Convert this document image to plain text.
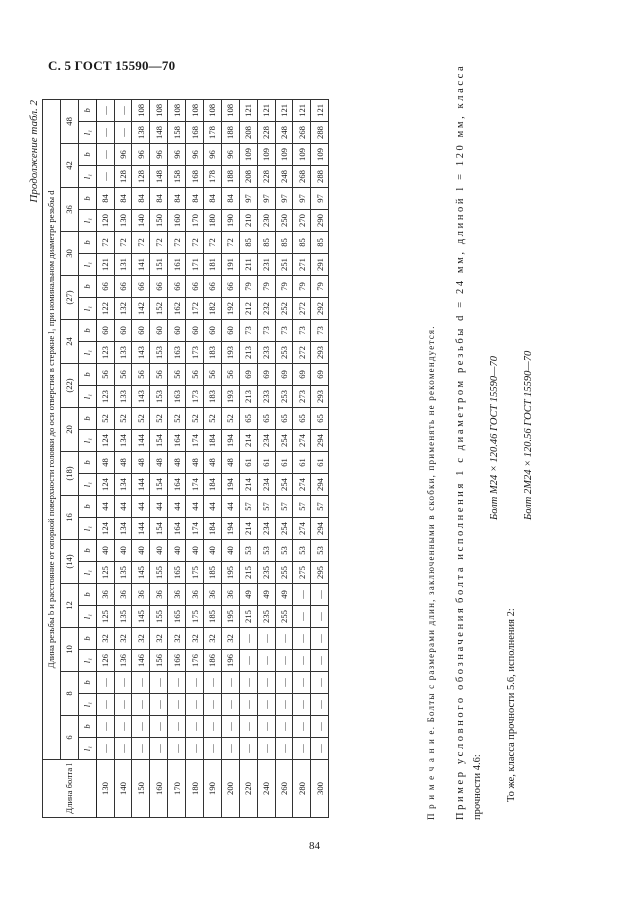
С. 5 ГОСТ 15590—70
Продолжение табл. 2
Длина болта l	Длина резьбы b и расстояние от опорной поверхности головки до оси отверстия в стержне l₁ при номинальном диаметре резьбы d																													
	6		8		10		12		(14)		16		(18)		20		(22)		24		(27)		30		36		42		48	
	l₁	b	l₁	b	l₁	b	l₁	b	l₁	b	l₁	b	l₁	b	l₁	b	l₁	b	l₁	b	l₁	b	l₁	b	l₁	b	l₁	b	l₁	b
130	—	—	—	—	126	32	125	36	125	40	124	44	124	48	124	52	123	56	123	60	122	66	121	72	120	84	—	—	—	—
140	—	—	—	—	136	32	135	36	135	40	134	44	134	48	134	52	133	56	133	60	132	66	131	72	130	84	128	96	—	—
150	—	—	—	—	146	32	145	36	145	40	144	44	144	48	144	52	143	56	143	60	142	66	141	72	140	84	128	96	138	108
160	—	—	—	—	156	32	155	36	155	40	154	44	154	48	154	52	153	56	153	60	152	66	151	72	150	84	148	96	148	108
170	—	—	—	—	166	32	165	36	165	40	164	44	164	48	164	52	163	56	163	60	162	66	161	72	160	84	158	96	158	108
180	—	—	—	—	176	32	175	36	175	40	174	44	174	48	174	52	173	56	173	60	172	66	171	72	170	84	168	96	168	108
190	—	—	—	—	186	32	185	36	185	40	184	44	184	48	184	52	183	56	183	60	182	66	181	72	180	84	178	96	178	108
200	—	—	—	—	196	32	195	36	195	40	194	44	194	48	194	52	193	56	193	60	192	66	191	72	190	84	188	96	188	108
220	—	—	—	—	—	—	215	49	215	53	214	57	214	61	214	65	213	69	213	73	212	79	211	85	210	97	208	109	208	121
240	—	—	—	—	—	—	235	49	235	53	234	57	234	61	234	65	233	69	233	73	232	79	231	85	230	97	228	109	228	121
260	—	—	—	—	—	—	255	49	255	53	254	57	254	61	254	65	253	69	253	73	252	79	251	85	250	97	248	109	248	121
280	—	—	—	—	—	—	—	—	275	53	274	57	274	61	274	65	273	69	272	73	272	79	271	85	270	97	268	109	268	121
300	—	—	—	—	—	—	—	—	295	53	294	57	294	61	294	65	293	69	293	73	292	79	291	85	290	97	288	109	288	121

П р и м е ч а н и е. Болты с размерами длин, заключенными в скобки, применять не рекомендуется.	Пример условного обозначения болта исполнения 1 с диаметром резьбы d = 24 мм, длиной l = 120 мм, класса

прочности 4.6:

Болт М24 × 120.46 ГОСТ 15590—70

То же, класса прочности 5.6, исполнения 2:

Болт 2М24 × 120.56 ГОСТ 15590—70

84
